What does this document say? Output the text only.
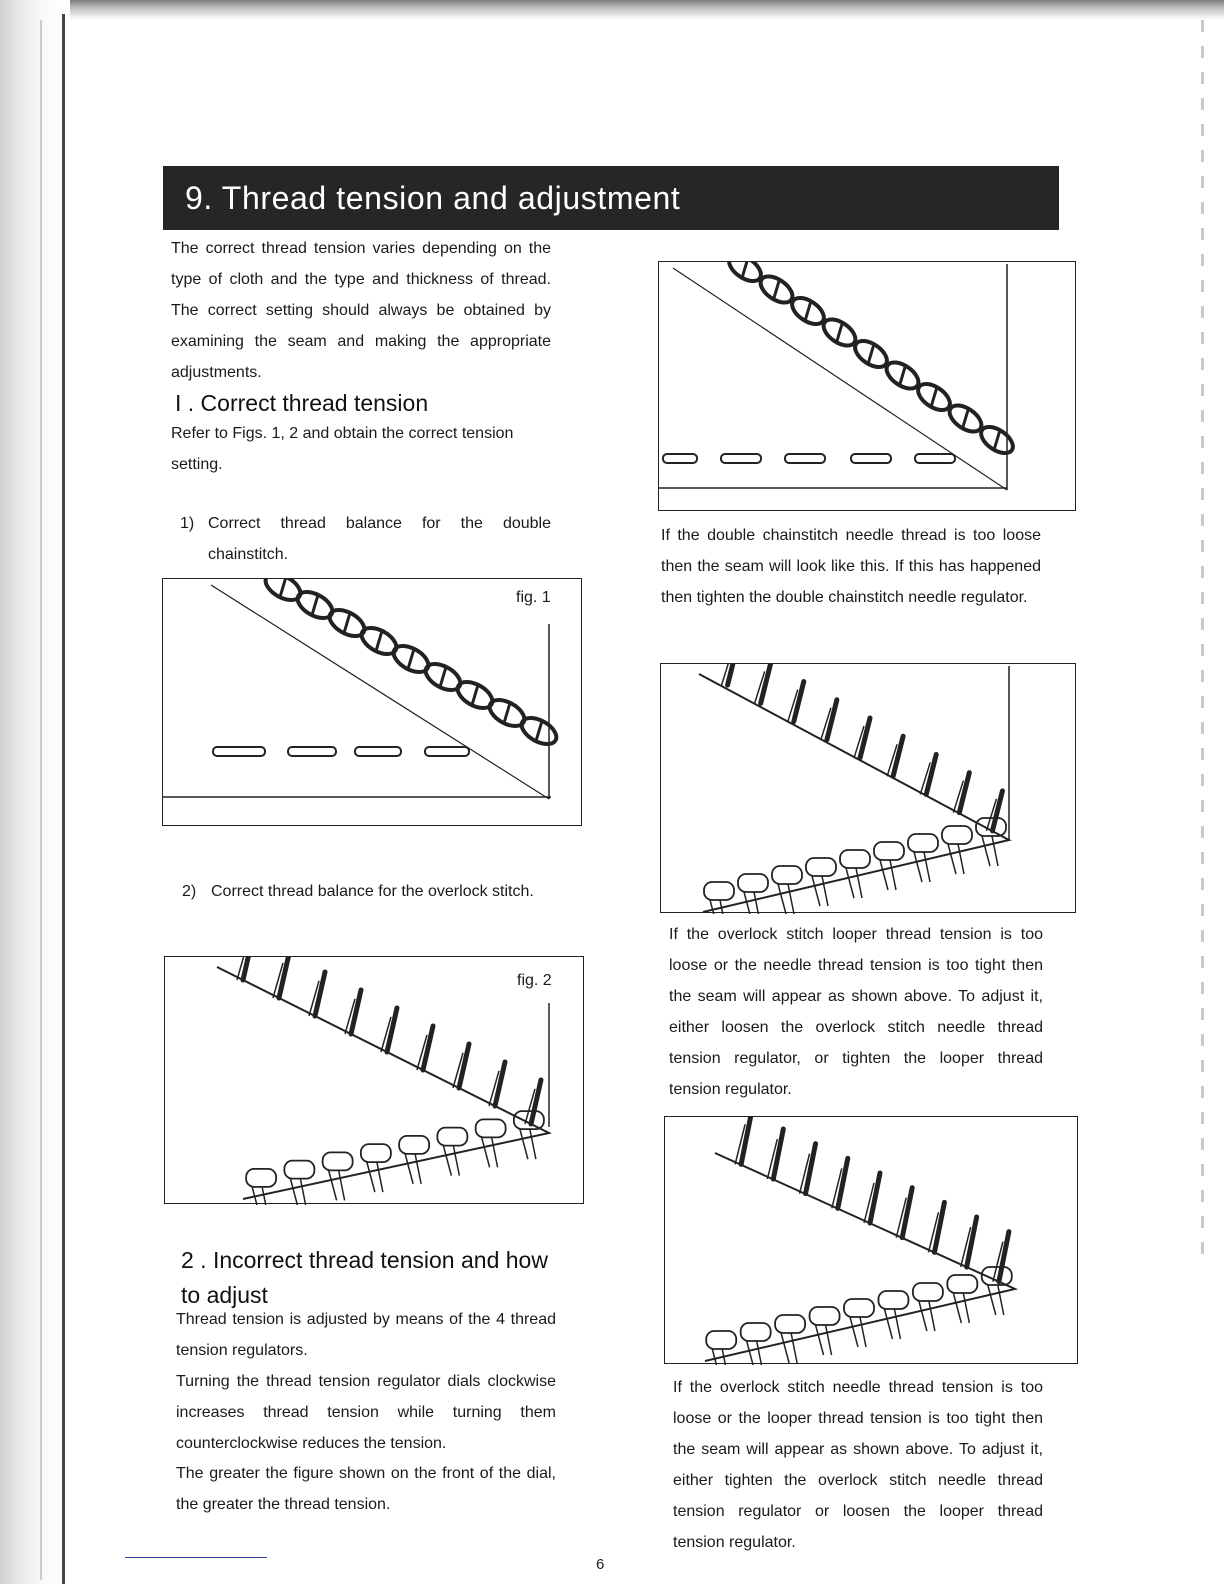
9. Thread tension and adjustment

The correct thread tension varies depending on the type of cloth and the type and thickness of thread. The correct setting should always be obtained by examining the seam and making the appropriate adjustments.

I . Correct thread tension

Refer to Figs. 1, 2 and obtain the correct tension setting.

1) Correct thread balance for the double chainstitch.

fig. 1
2) Correct thread balance for the overlock stitch.

fig. 2
2 . Incorrect thread tension and how to adjust

Thread tension is adjusted by means of the 4 thread tension regulators.

Turning the thread tension regulator dials clockwise increases thread tension while turning them counterclockwise reduces the tension.

The greater the figure shown on the front of the dial, the greater the thread tension.

If the double chainstitch needle thread is too loose then the seam will look like this. If this has happened then tighten the double chainstitch needle regulator.

If the overlock stitch looper thread tension is too loose or the needle thread tension is too tight then the seam will appear as shown above. To adjust it, either loosen the overlock stitch needle thread tension regulator, or tighten the looper thread tension regulator.

If the overlock stitch needle thread tension is too loose or the looper thread tension is too tight then the seam will appear as shown above. To adjust it, either tighten the overlock stitch needle thread tension regulator or loosen the looper thread tension regulator.

6
